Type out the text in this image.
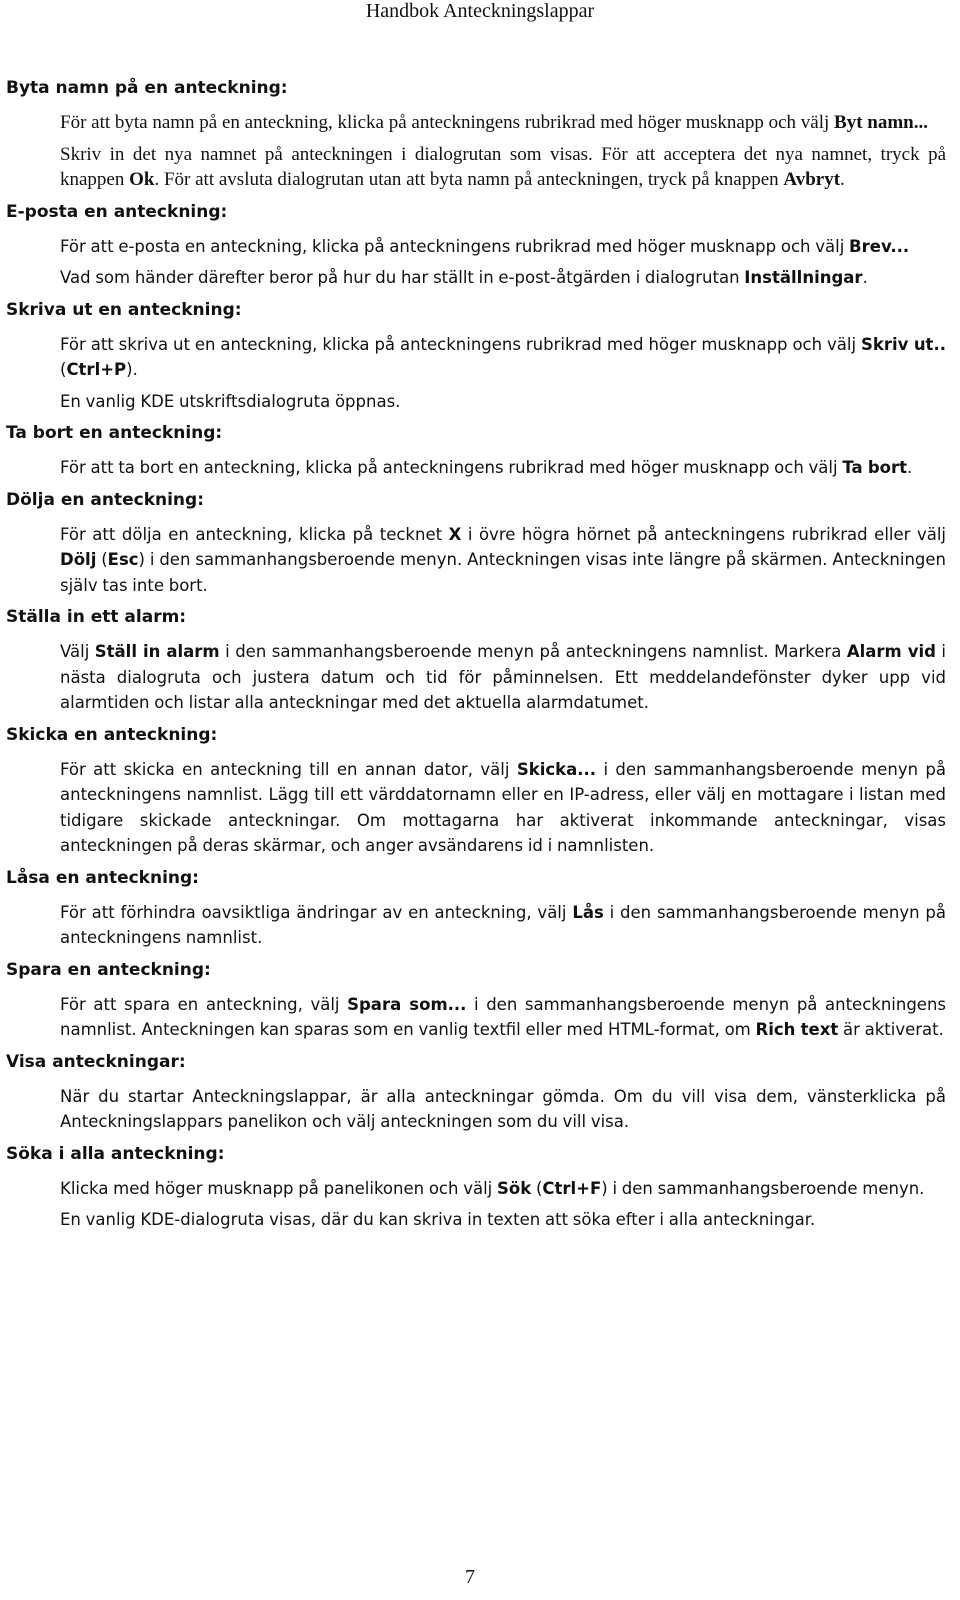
Handbok Anteckningslappar
Byta namn på en anteckning:

För att byta namn på en anteckning, klicka på anteckningens rubrikrad med höger musknapp och välj Byt namn...

Skriv in det nya namnet på anteckningen i dialogrutan som visas. För att acceptera det nya namnet, tryck på knappen Ok. För att avsluta dialogrutan utan att byta namn på anteckningen, tryck på knappen Avbryt.

E-posta en anteckning:

För att e-posta en anteckning, klicka på anteckningens rubrikrad med höger musknapp och välj Brev...

Vad som händer därefter beror på hur du har ställt in e-post-åtgärden i dialogrutan Inställningar.

Skriva ut en anteckning:

För att skriva ut en anteckning, klicka på anteckningens rubrikrad med höger musknapp och välj Skriv ut.. (Ctrl+P).

En vanlig KDE utskriftsdialogruta öppnas.

Ta bort en anteckning:

För att ta bort en anteckning, klicka på anteckningens rubrikrad med höger musknapp och välj Ta bort.

Dölja en anteckning:

För att dölja en anteckning, klicka på tecknet X i övre högra hörnet på anteckningens rubrikrad eller välj Dölj (Esc) i den sammanhangsberoende menyn. Anteckningen visas inte längre på skärmen. Anteckningen själv tas inte bort.

Ställa in ett alarm:

Välj Ställ in alarm i den sammanhangsberoende menyn på anteckningens namnlist. Markera Alarm vid i nästa dialogruta och justera datum och tid för påminnelsen. Ett meddelandefönster dyker upp vid alarmtiden och listar alla anteckningar med det aktuella alarmdatumet.

Skicka en anteckning:

För att skicka en anteckning till en annan dator, välj Skicka... i den sammanhangsberoende menyn på anteckningens namnlist. Lägg till ett värddatornamn eller en IP-adress, eller välj en mottagare i listan med tidigare skickade anteckningar. Om mottagarna har aktiverat inkommande anteckningar, visas anteckningen på deras skärmar, och anger avsändarens id i namnlisten.

Låsa en anteckning:

För att förhindra oavsiktliga ändringar av en anteckning, välj Lås i den sammanhangsberoende menyn på anteckningens namnlist.

Spara en anteckning:

För att spara en anteckning, välj Spara som... i den sammanhangsberoende menyn på anteckningens namnlist. Anteckningen kan sparas som en vanlig textfil eller med HTML-format, om Rich text är aktiverat.

Visa anteckningar:

När du startar Anteckningslappar, är alla anteckningar gömda. Om du vill visa dem, vänsterklicka på Anteckningslappars panelikon och välj anteckningen som du vill visa.

Söka i alla anteckning:

Klicka med höger musknapp på panelikonen och välj Sök (Ctrl+F) i den sammanhangsberoende menyn.

En vanlig KDE-dialogruta visas, där du kan skriva in texten att söka efter i alla anteckningar.

7
